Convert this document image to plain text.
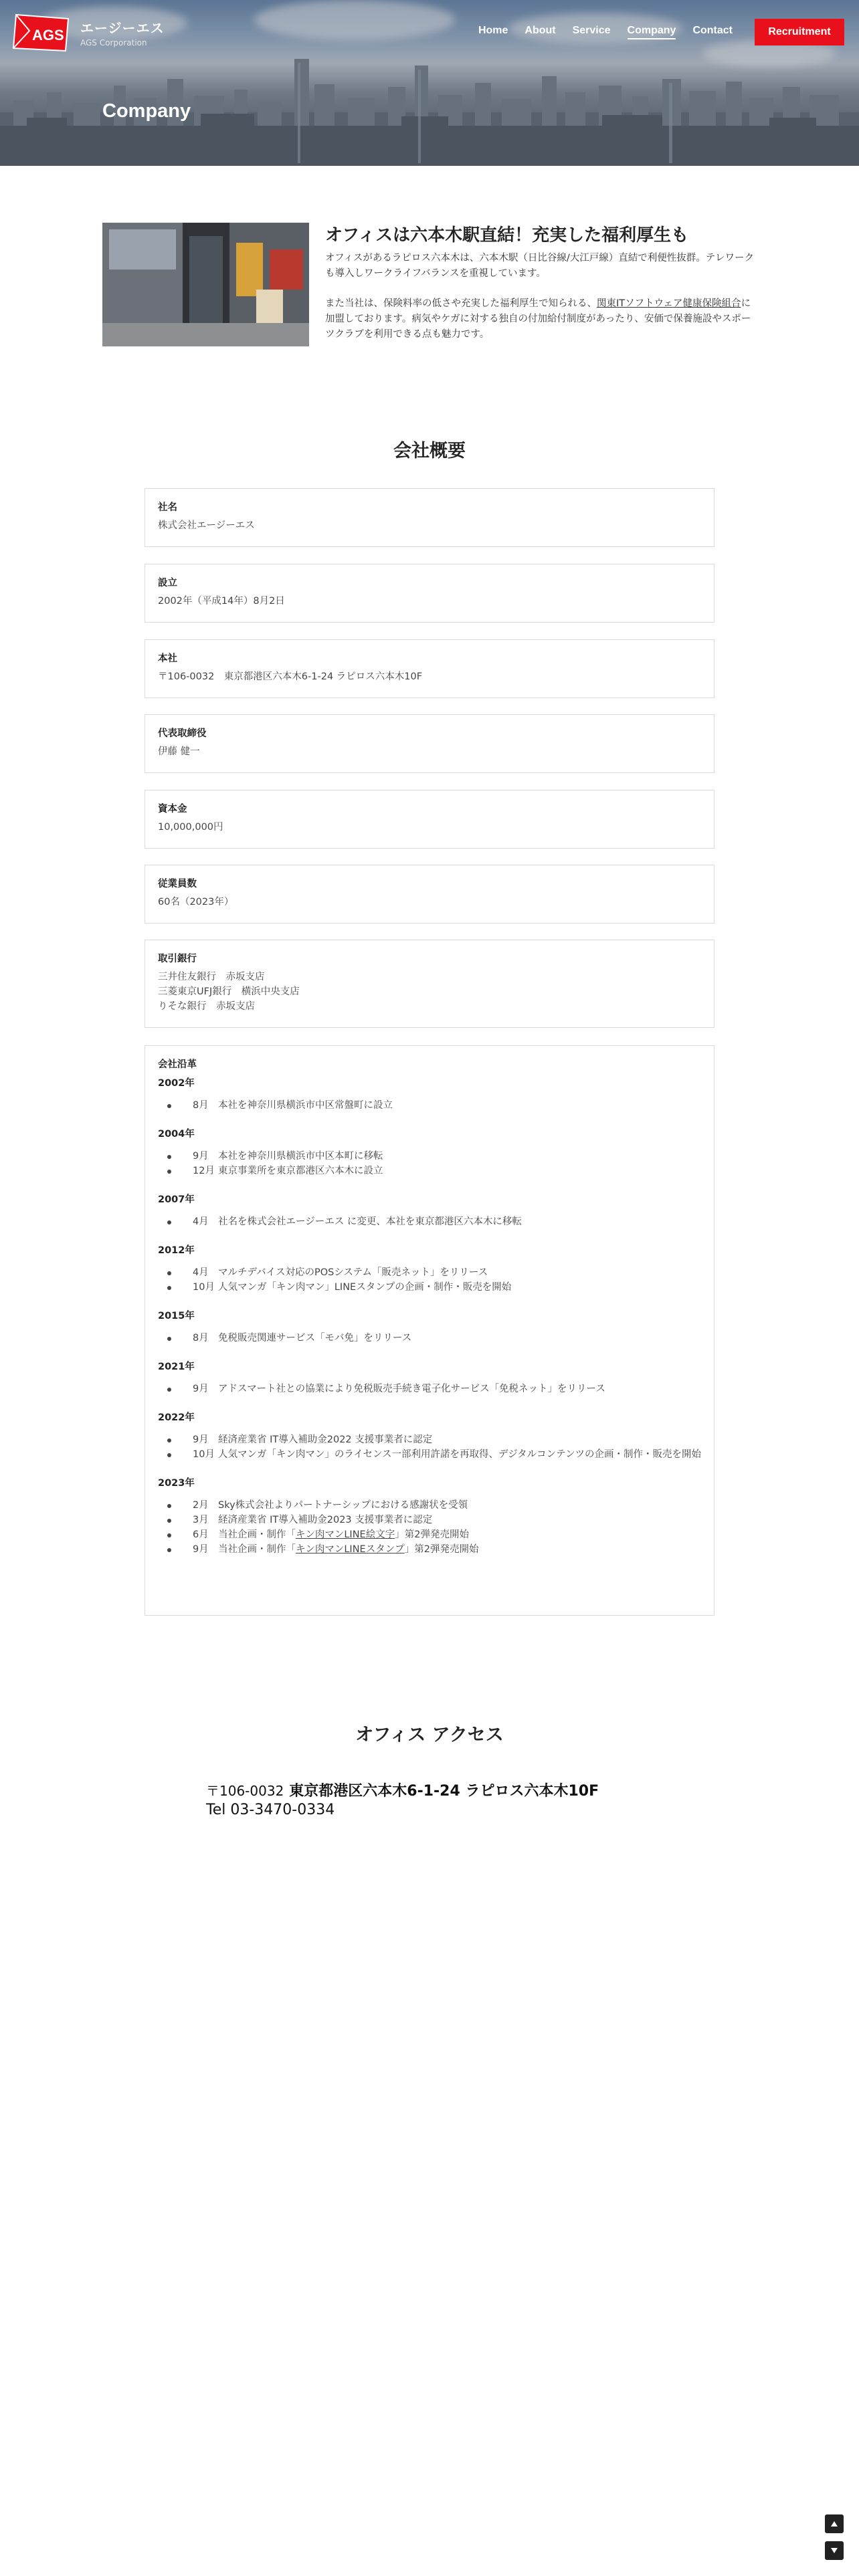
AGS エージーエス
AGS Corporation
Home About Service Company Contact	Recruitment
Company
オフィスは六本木駅直結！充実した福利厚生も

オフィスがあるラピロス六本木は、六本木駅（日比谷線/大江戸線）直結で利便性抜群。テレワークも導入しワークライフバランスを重視しています。

また当社は、保険料率の低さや充実した福利厚生で知られる、関東ITソフトウェア健康保険組合に加盟しております。病気やケガに対する独自の付加給付制度があったり、安価で保養施設やスポーツクラブを利用できる点も魅力です。

会社概要
社名
株式会社エージーエス
設立
2002年（平成14年）8月2日
本社
〒106-0032　東京都港区六本木6-1-24 ラピロス六本木10F
代表取締役
伊藤 健一
資本金
10,000,000円
従業員数
60名（2023年）
取引銀行
三井住友銀行　赤坂支店
三菱東京UFJ銀行　横浜中央支店
りそな銀行　赤坂支店
会社沿革
2002年
8月 本社を神奈川県横浜市中区常盤町に設立
2004年
9月 本社を神奈川県横浜市中区本町に移転
12月 東京事業所を東京都港区六本木に設立
2007年
4月 社名を株式会社エージーエス に変更、本社を東京都港区六本木に移転
2012年
4月 マルチデバイス対応のPOSシステム「販売ネット」をリリース
10月 人気マンガ「キン肉マン」LINEスタンプの企画・制作・販売を開始
2015年
8月 免税販売関連サービス「モバ免」をリリース
2021年
9月 アドスマート社との協業により免税販売手続き電子化サービス「免税ネット」をリリース
2022年
9月 経済産業省 IT導入補助金2022 支援事業者に認定
10月 人気マンガ「キン肉マン」のライセンス一部利用許諾を再取得、デジタルコンテンツの企画・制作・販売を開始
2023年
2月 Sky株式会社よりパートナーシップにおける感謝状を受領
3月 経済産業省 IT導入補助金2023 支援事業者に認定
6月 当社企画・制作「キン肉マンLINE絵文字」第2弾発売開始
9月 当社企画・制作「キン肉マンLINEスタンプ」第2弾発売開始
オフィス アクセス
〒106-0032 東京都港区六本木6-1-24 ラピロス六本木10F
Tel 03-3470-0334
